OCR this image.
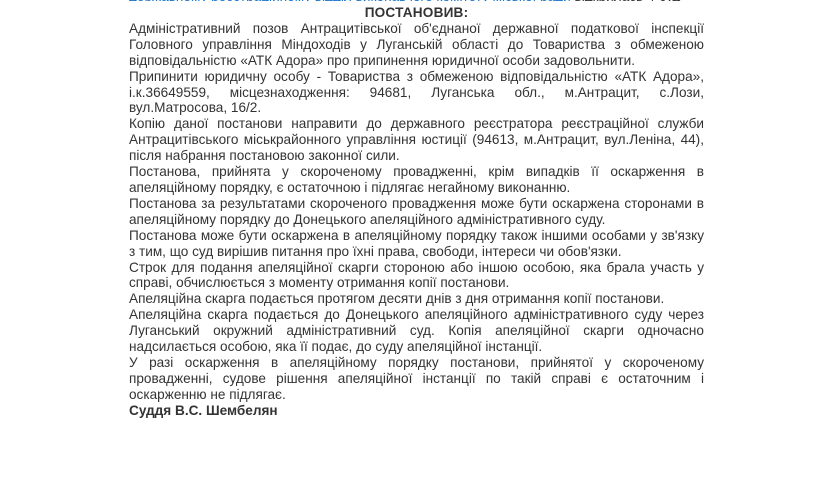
ПОСТАНОВИВ:

Адміністративний позов Антрацитівської об'єднаної державної податкової інспекції Головного управління Міндоходів у Луганській області до Товариства з обмеженою відповідальністю «АТК Адора» про припинення юридичної особи задовольнити.

Припинити юридичну особу - Товариства з обмеженою відповідальністю «АТК Адора», і.к.36649559, місцезнаходження: 94681, Луганська обл., м.Антрацит, с.Лози, вул.Матросова, 16/2.

Копію даної постанови направити до державного реєстратора реєстраційної служби Антрацитівського міськрайонного управління юстиції (94613, м.Антрацит, вул.Леніна, 44), після набрання постановою законної сили.

Постанова, прийнята у скороченому провадженні, крім випадків її оскарження в апеляційному порядку, є остаточною і підлягає негайному виконанню.

Постанова за результатами скороченого провадження може бути оскаржена сторонами в апеляційному порядку до Донецького апеляційного адміністративного суду.

Постанова може бути оскаржена в апеляційному порядку також іншими особами у зв'язку з тим, що суд вирішив питання про їхні права, свободи, інтереси чи обов'язки.

Строк для подання апеляційної скарги стороною або іншою особою, яка брала участь у справі, обчислюється з моменту отримання копії постанови.

Апеляційна скарга подається протягом десяти днів з дня отримання копії постанови.

Апеляційна скарга подається до Донецького апеляційного адміністративного суду через Луганський окружний адміністративний суд. Копія апеляційної скарги одночасно надсилається особою, яка її подає, до суду апеляційної інстанції.

У разі оскарження в апеляційному порядку постанови, прийнятої у скороченому провадженні, судове рішення апеляційної інстанції по такій справі є остаточним і оскарженню не підлягає.

Суддя В.С. Шембелян
